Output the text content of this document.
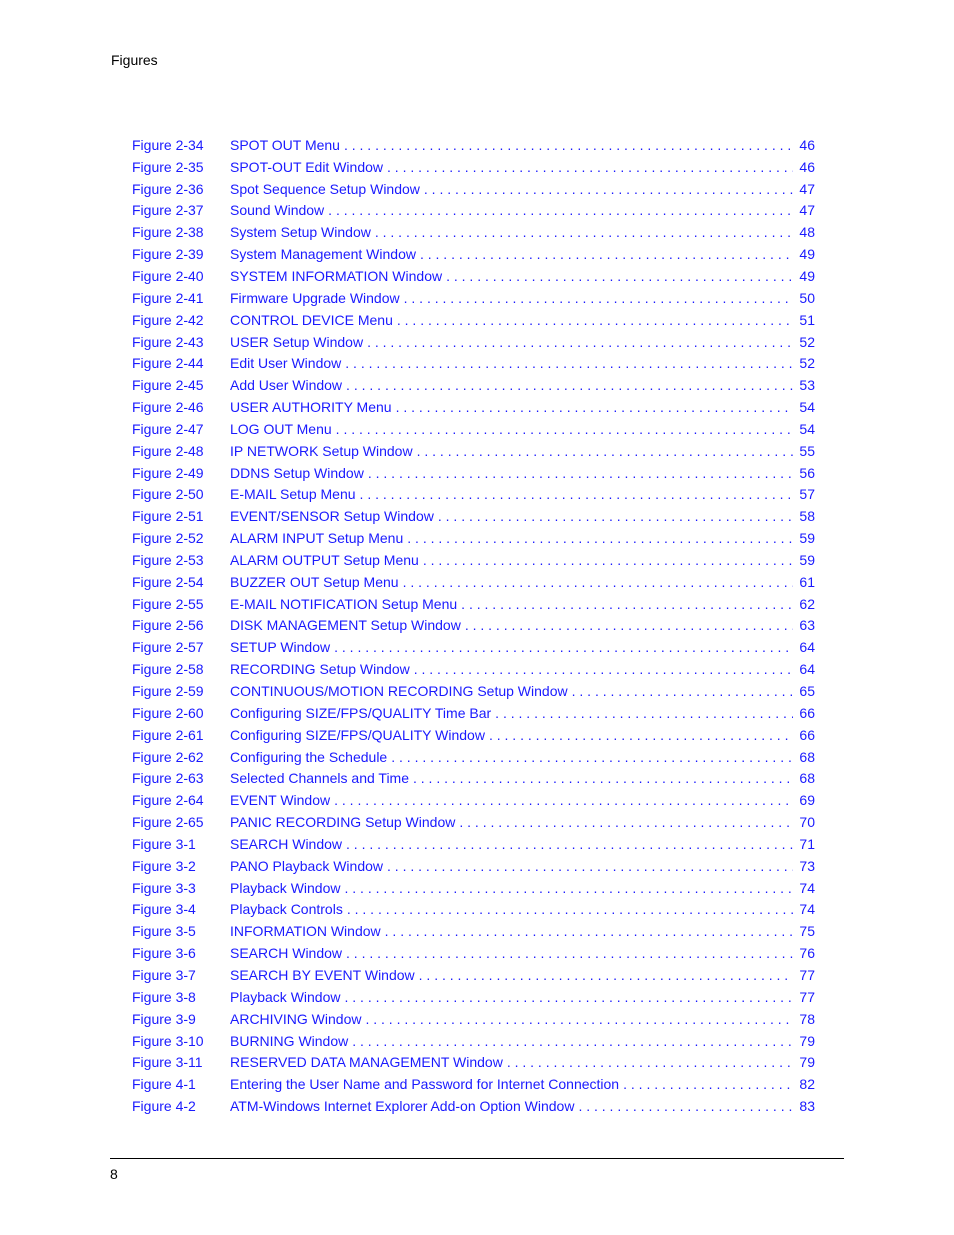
Figures
Figure 2-34	SPOT OUT Menu . . .	46
Figure 2-35	SPOT-OUT Edit Window . . .	46
Figure 2-36	Spot Sequence Setup Window . . .	47
Figure 2-37	Sound Window . . .	47
Figure 2-38	System Setup Window . . .	48
Figure 2-39	System Management Window . . .	49
Figure 2-40	SYSTEM INFORMATION Window . . .	49
Figure 2-41	Firmware Upgrade Window . . .	50
Figure 2-42	CONTROL DEVICE Menu . . .	51
Figure 2-43	USER Setup Window . . .	52
Figure 2-44	Edit User Window . . .	52
Figure 2-45	Add User Window . . .	53
Figure 2-46	USER AUTHORITY Menu . . .	54
Figure 2-47	LOG OUT Menu . . .	54
Figure 2-48	IP NETWORK Setup Window . . .	55
Figure 2-49	DDNS Setup Window . . .	56
Figure 2-50	E-MAIL Setup Menu . . .	57
Figure 2-51	EVENT/SENSOR Setup Window . . .	58
Figure 2-52	ALARM INPUT Setup Menu . . .	59
Figure 2-53	ALARM OUTPUT Setup Menu . . .	59
Figure 2-54	BUZZER OUT Setup Menu . . .	61
Figure 2-55	E-MAIL NOTIFICATION Setup Menu . . .	62
Figure 2-56	DISK MANAGEMENT Setup Window . . .	63
Figure 2-57	SETUP Window . . .	64
Figure 2-58	RECORDING Setup Window . . .	64
Figure 2-59	CONTINUOUS/MOTION RECORDING Setup Window . . .	65
Figure 2-60	Configuring SIZE/FPS/QUALITY Time Bar . . .	66
Figure 2-61	Configuring SIZE/FPS/QUALITY Window . . .	66
Figure 2-62	Configuring the Schedule . . .	68
Figure 2-63	Selected Channels and Time . . .	68
Figure 2-64	EVENT Window . . .	69
Figure 2-65	PANIC RECORDING Setup Window . . .	70
Figure 3-1	SEARCH Window . . .	71
Figure 3-2	PANO Playback Window . . .	73
Figure 3-3	Playback Window . . .	74
Figure 3-4	Playback Controls . . .	74
Figure 3-5	INFORMATION Window . . .	75
Figure 3-6	SEARCH Window . . .	76
Figure 3-7	SEARCH BY EVENT Window . . .	77
Figure 3-8	Playback Window . . .	77
Figure 3-9	ARCHIVING Window . . .	78
Figure 3-10	BURNING Window . . .	79
Figure 3-11	RESERVED DATA MANAGEMENT Window . . .	79
Figure 4-1	Entering the User Name and Password for Internet Connection . . .	82
Figure 4-2	ATM-Windows Internet Explorer Add-on Option Window . . .	83
8
